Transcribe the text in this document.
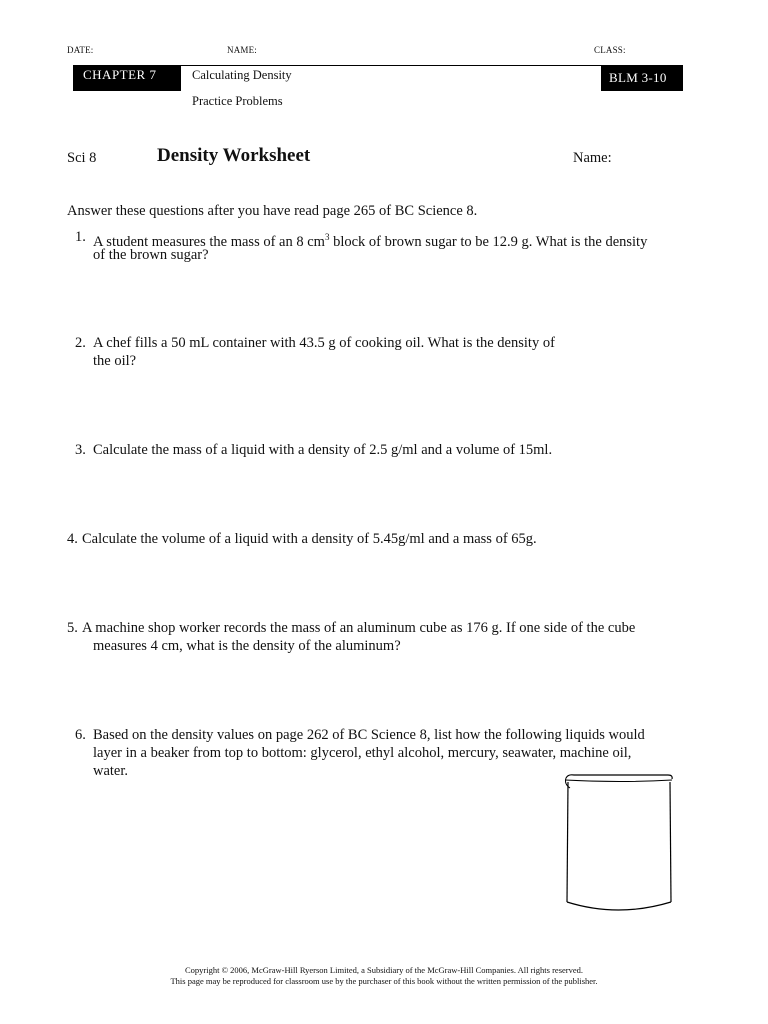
DATE:	NAME:	CLASS:
CHAPTER 7	Calculating Density
Practice Problems
BLM 3-10
Sci 8	Density Worksheet	Name:
Answer these questions after you have read page 265 of BC Science 8.
1. A student measures the mass of an 8 $cm^3$ block of brown sugar to be 12.9 g. What is the density
of the brown sugar?
2. A chef fills a 50 mL container with 43.5 g of cooking oil. What is the density of
the oil?
3. Calculate the mass of a liquid with a density of 2.5 g/ml and a volume of 15ml.
4. Calculate the volume of a liquid with a density of 5.45g/ml and a mass of 65g.
5. A machine shop worker records the mass of an aluminum cube as 176 g. If one side of the cube
measures 4 cm, what is the density of the aluminum?
6. Based on the density values on page 262 of BC Science 8, list how the following liquids would
layer in a beaker from top to bottom: glycerol, ethyl alcohol, mercury, seawater, machine oil,
water.
Copyright © 2006, McGraw-Hill Ryerson Limited, a Subsidiary of the McGraw-Hill Companies. All rights reserved.
This page may be reproduced for classroom use by the purchaser of this book without the written permission of the publisher.
